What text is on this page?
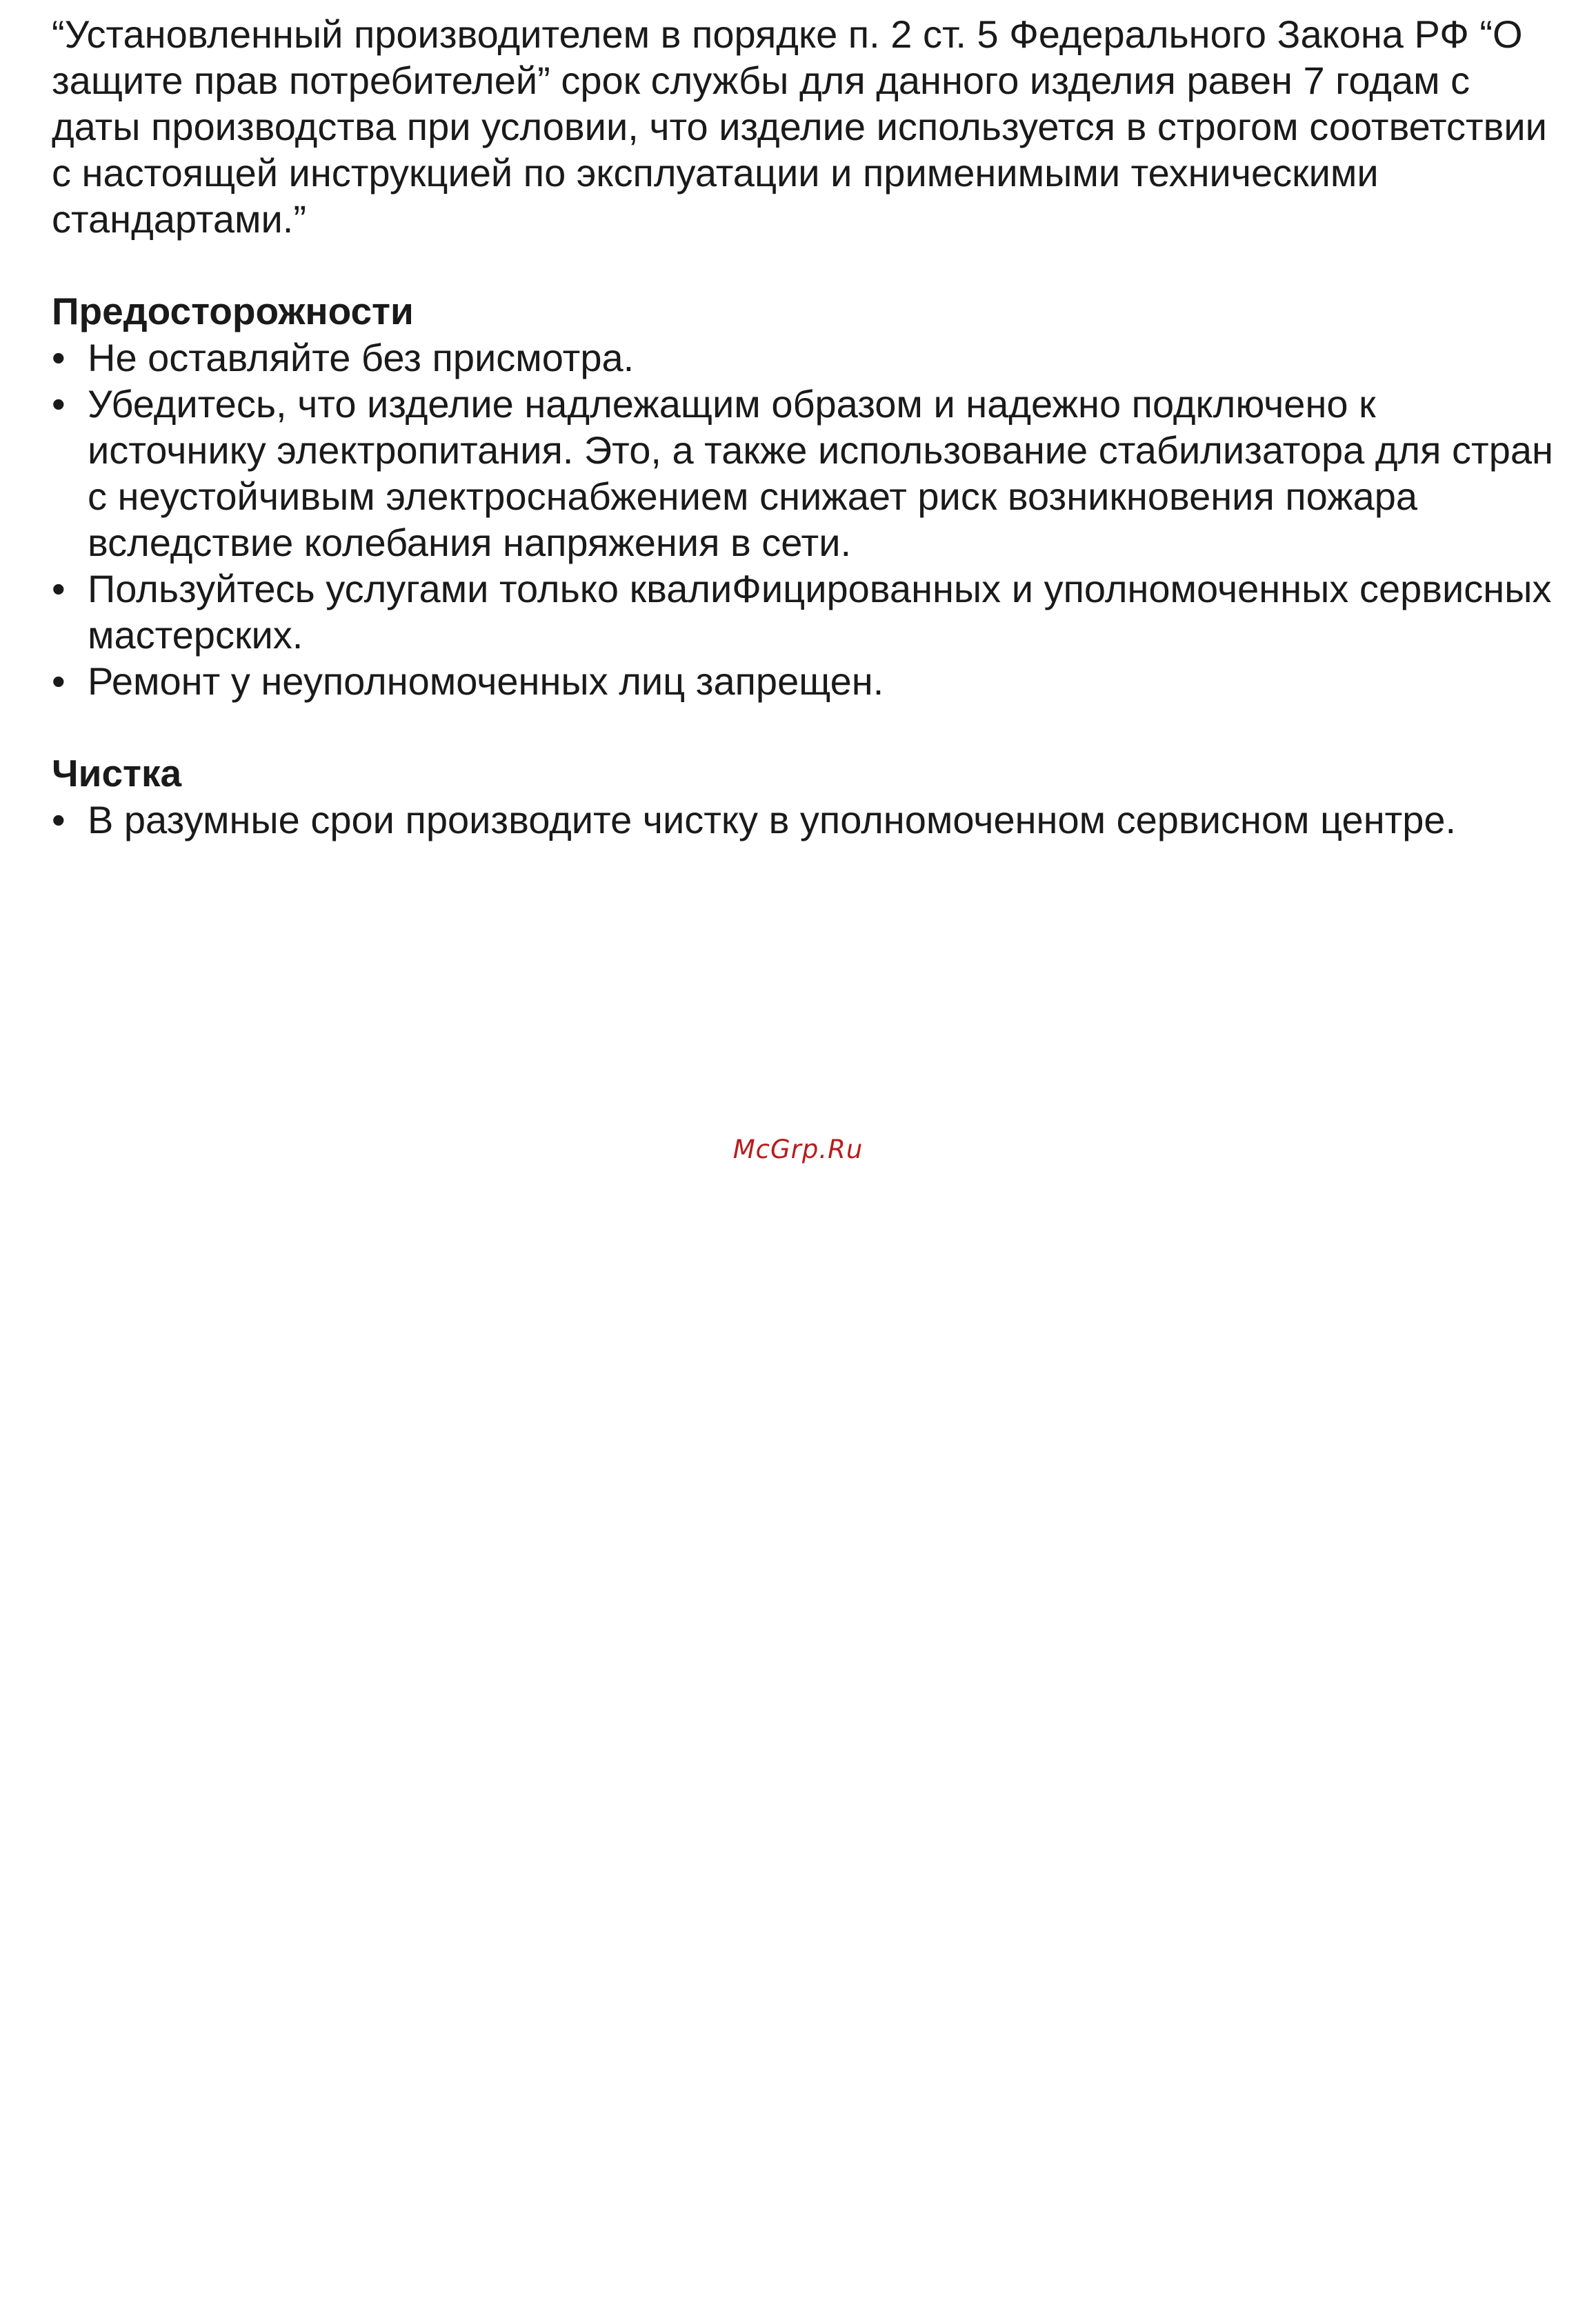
“Установленный производителем в порядке п. 2 ст. 5 Федерального Закона РФ “О защите прав потребителей” срок службы для данного изделия равен 7 годам с даты производства при условии, что изделие используется в строгом соответствии с настоящей инструкцией по эксплуатации и применимыми техническими стандартами.”

Предосторожности
• Не оставляйте без присмотра.
• Убедитесь, что изделие надлежащим образом и надежно подключено к источнику электропитания. Это, а также использование стабилизатора для стран с неустойчивым электроснабжением снижает риск возникновения пожара вследствие колебания напряжения в сети.
• Пользуйтесь услугами только квалиФицированных и уполномоченных сервисных мастерских.
• Ремонт у неуполномоченных лиц запрещен.
Чистка
• В разумные срои производите чистку в уполномоченном сервисном центре.
McGrp.Ru
